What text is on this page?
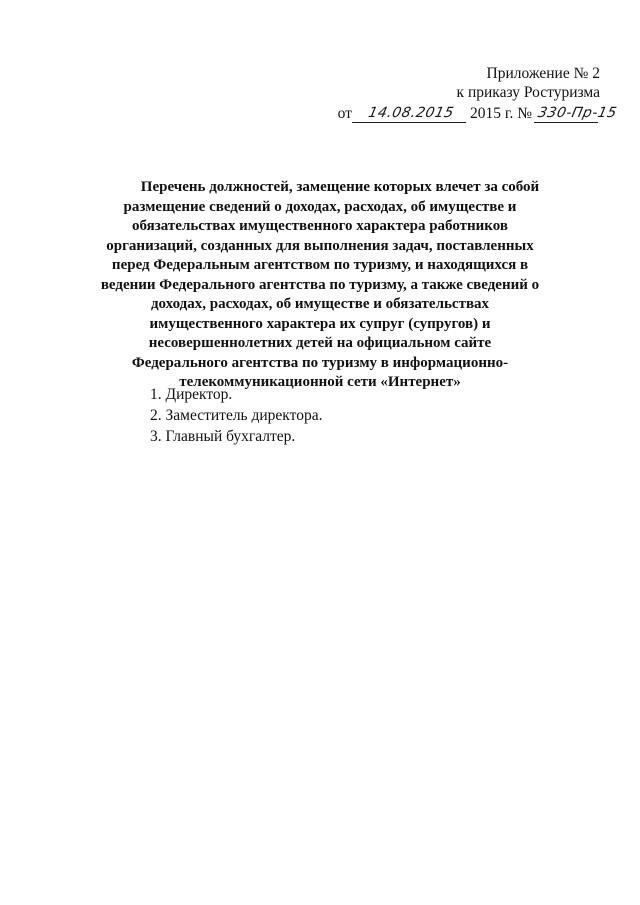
Приложение № 2
к приказу Ростуризма
от	14.08.2015 2015 г. № 330-Пр-15
Перечень должностей, замещение которых влечет за собой
размещение сведений о доходах, расходах, об имуществе и обязательствах имущественного характера работников организаций, созданных для выполнения задач, поставленных перед Федеральным агентством по туризму, и находящихся в ведении Федерального агентства по туризму, а также сведений о доходах, расходах, об имуществе и обязательствах имущественного характера их супруг (супругов) и несовершеннолетних детей на официальном сайте Федерального агентства по туризму в информационно-телекоммуникационной сети «Интернет»
1. Директор.
2. Заместитель директора.
3. Главный бухгалтер.
